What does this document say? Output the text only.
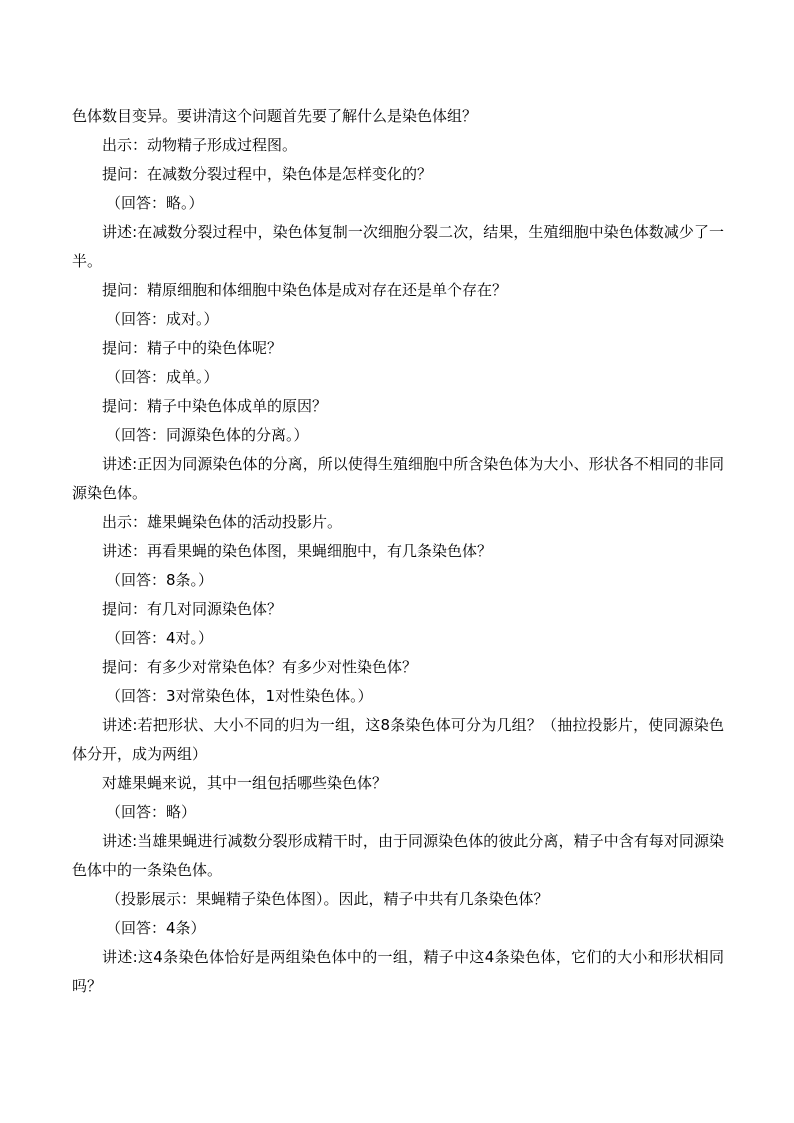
色体数目变异。要讲清这个问题首先要了解什么是染色体组？

出示：动物精子形成过程图。

提问：在减数分裂过程中，染色体是怎样变化的？

（回答：略。）

讲述:在减数分裂过程中，染色体复制一次细胞分裂二次，结果，生殖细胞中染色体数减少了一半。

提问：精原细胞和体细胞中染色体是成对存在还是单个存在？

（回答：成对。）

提问：精子中的染色体呢？

（回答：成单。）

提问：精子中染色体成单的原因？

（回答：同源染色体的分离。）

讲述:正因为同源染色体的分离，所以使得生殖细胞中所含染色体为大小、形状各不相同的非同源染色体。

出示：雄果蝇染色体的活动投影片。

讲述：再看果蝇的染色体图，果蝇细胞中，有几条染色体？

（回答：8条。）

提问：有几对同源染色体？

（回答：4对。）

提问：有多少对常染色体？有多少对性染色体？

（回答：3对常染色体，1对性染色体。）

讲述:若把形状、大小不同的归为一组，这8条染色体可分为几组？（抽拉投影片，使同源染色体分开，成为两组）

对雄果蝇来说，其中一组包括哪些染色体？

（回答：略）

讲述:当雄果蝇进行减数分裂形成精干时，由于同源染色体的彼此分离，精子中含有每对同源染色体中的一条染色体。

（投影展示：果蝇精子染色体图）。因此，精子中共有几条染色体？

（回答：4条）

讲述:这4条染色体恰好是两组染色体中的一组，精子中这4条染色体，它们的大小和形状相同吗？
